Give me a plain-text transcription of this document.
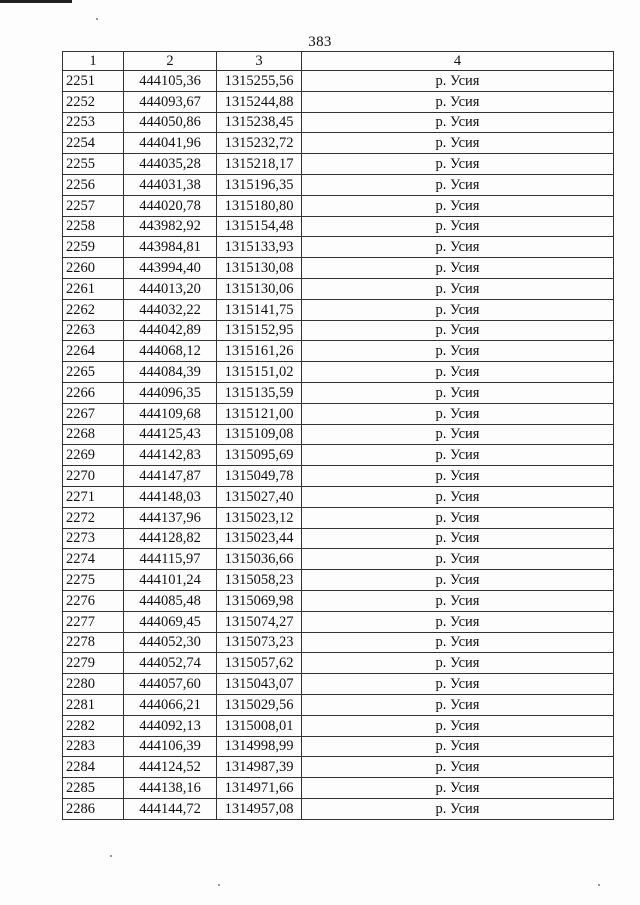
383
1	2	3	4
2251	444105,36	1315255,56	р. Усия
2252	444093,67	1315244,88	р. Усия
2253	444050,86	1315238,45	р. Усия
2254	444041,96	1315232,72	р. Усия
2255	444035,28	1315218,17	р. Усия
2256	444031,38	1315196,35	р. Усия
2257	444020,78	1315180,80	р. Усия
2258	443982,92	1315154,48	р. Усия
2259	443984,81	1315133,93	р. Усия
2260	443994,40	1315130,08	р. Усия
2261	444013,20	1315130,06	р. Усия
2262	444032,22	1315141,75	р. Усия
2263	444042,89	1315152,95	р. Усия
2264	444068,12	1315161,26	р. Усия
2265	444084,39	1315151,02	р. Усия
2266	444096,35	1315135,59	р. Усия
2267	444109,68	1315121,00	р. Усия
2268	444125,43	1315109,08	р. Усия
2269	444142,83	1315095,69	р. Усия
2270	444147,87	1315049,78	р. Усия
2271	444148,03	1315027,40	р. Усия
2272	444137,96	1315023,12	р. Усия
2273	444128,82	1315023,44	р. Усия
2274	444115,97	1315036,66	р. Усия
2275	444101,24	1315058,23	р. Усия
2276	444085,48	1315069,98	р. Усия
2277	444069,45	1315074,27	р. Усия
2278	444052,30	1315073,23	р. Усия
2279	444052,74	1315057,62	р. Усия
2280	444057,60	1315043,07	р. Усия
2281	444066,21	1315029,56	р. Усия
2282	444092,13	1315008,01	р. Усия
2283	444106,39	1314998,99	р. Усия
2284	444124,52	1314987,39	р. Усия
2285	444138,16	1314971,66	р. Усия
2286	444144,72	1314957,08	р. Усия
